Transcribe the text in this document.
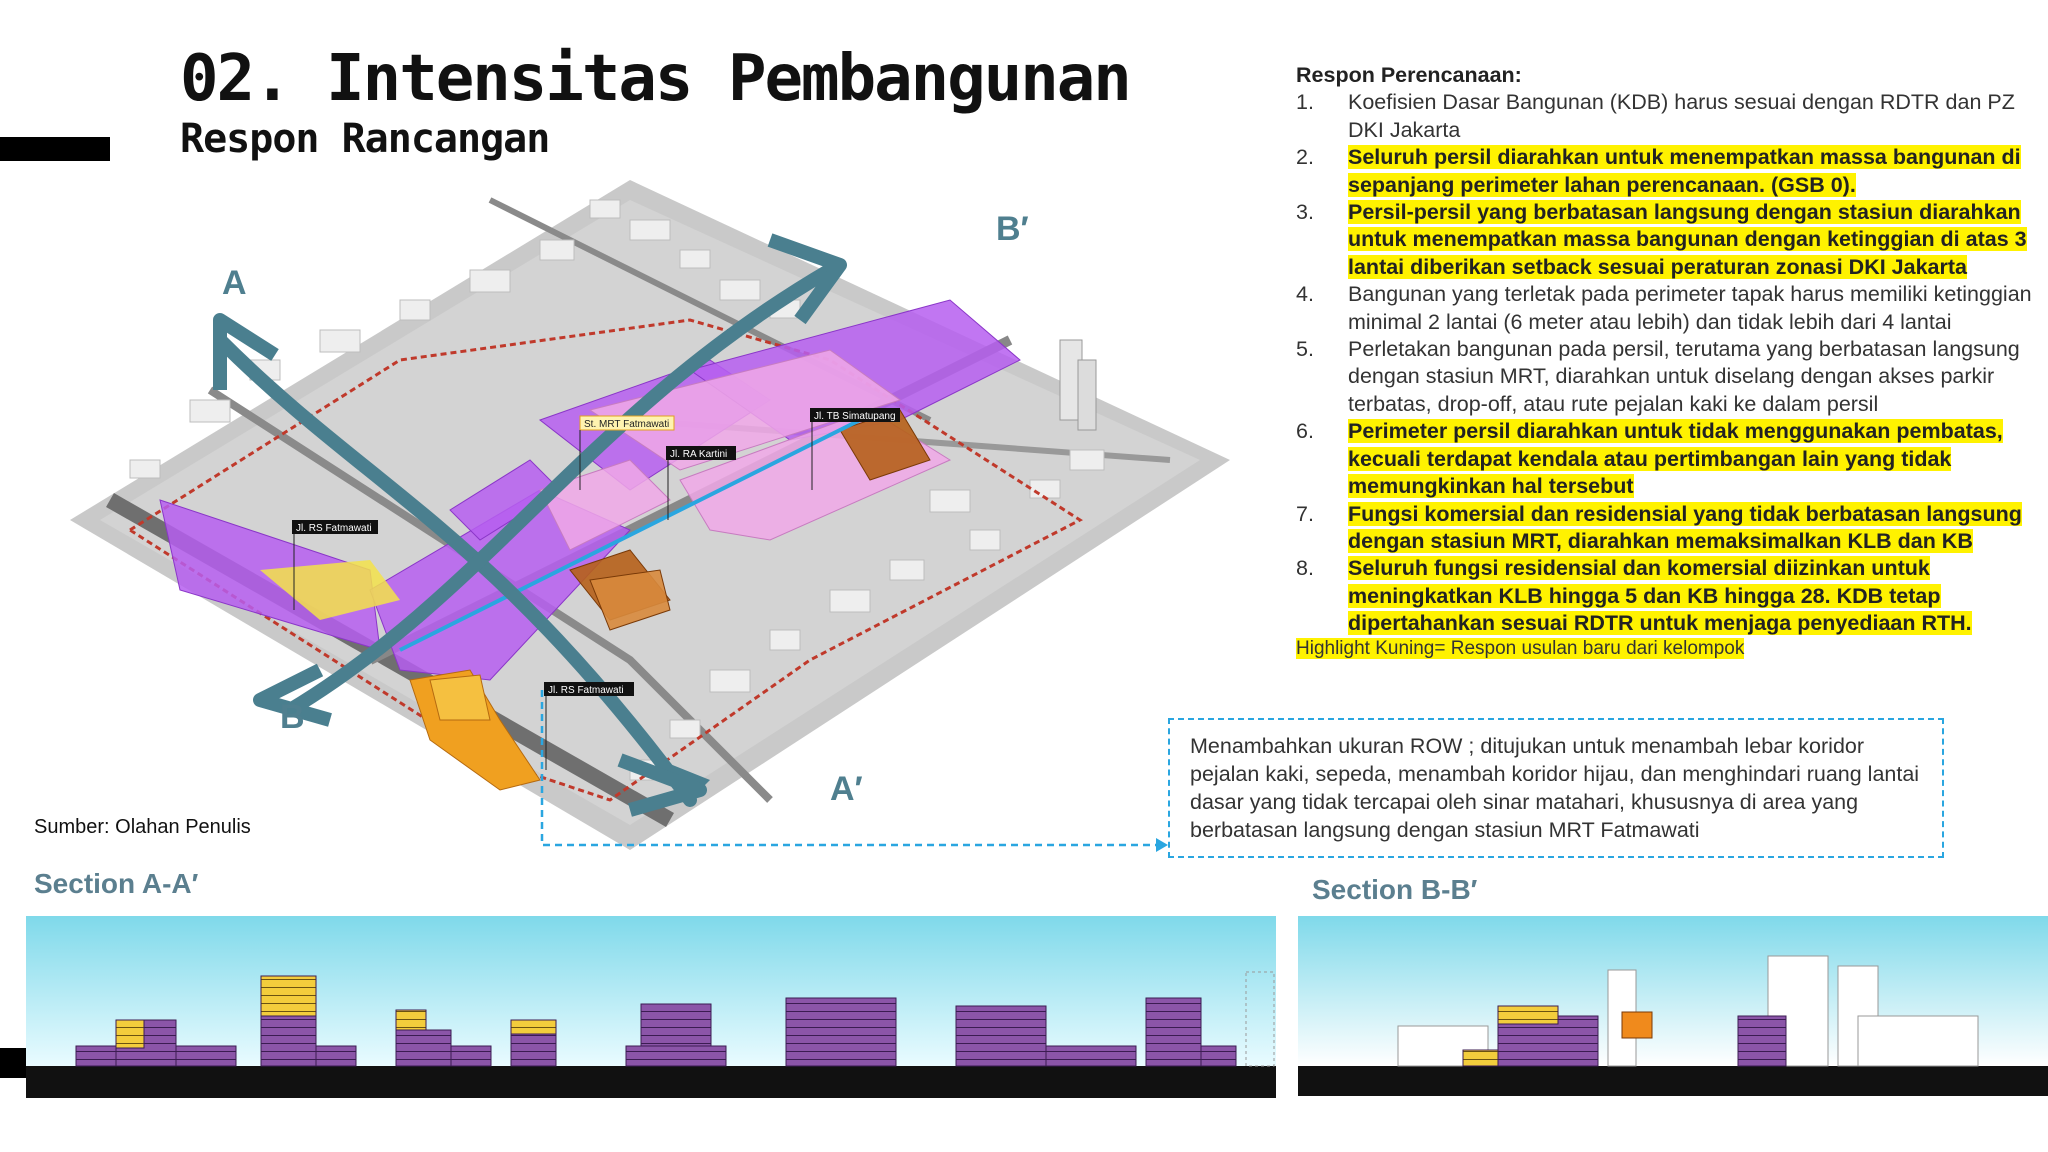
02. Intensitas Pembangunan
Respon Rancangan
A
A′
B
B′
St. MRT Fatmawati
Jl. TB Simatupang
Jl. RA Kartini
Jl. RS Fatmawati
Jl. RS Fatmawati
Sumber: Olahan Penulis
Respon Perencanaan:
1.	Koefisien Dasar Bangunan (KDB) harus sesuai dengan RDTR dan PZ DKI Jakarta
2.	Seluruh persil diarahkan untuk menempatkan massa bangunan di sepanjang perimeter lahan perencanaan. (GSB 0).
3.	Persil-persil yang berbatasan langsung dengan stasiun diarahkan untuk menempatkan massa bangunan dengan ketinggian di atas 3 lantai diberikan setback sesuai peraturan zonasi DKI Jakarta
4.	Bangunan yang terletak pada perimeter tapak harus memiliki ketinggian minimal 2 lantai (6 meter atau lebih) dan tidak lebih dari 4 lantai
5.	Perletakan bangunan pada persil, terutama yang berbatasan langsung dengan stasiun MRT, diarahkan untuk diselang dengan akses parkir terbatas, drop-off, atau rute pejalan kaki ke dalam persil
6.	Perimeter persil diarahkan untuk tidak menggunakan pembatas, kecuali terdapat kendala atau pertimbangan lain yang tidak memungkinkan hal tersebut
7.	Fungsi komersial dan residensial yang tidak berbatasan langsung dengan stasiun MRT, diarahkan memaksimalkan KLB dan KB
8.	Seluruh fungsi residensial dan komersial diizinkan untuk meningkatkan KLB hingga 5 dan KB hingga 28. KDB tetap dipertahankan sesuai RDTR untuk menjaga penyediaan RTH.
Highlight Kuning= Respon usulan baru dari kelompok
Menambahkan ukuran ROW ; ditujukan untuk menambah lebar koridor pejalan kaki, sepeda, menambah koridor hijau, dan menghindari ruang lantai dasar yang tidak tercapai oleh sinar matahari, khususnya di area yang berbatasan langsung dengan stasiun MRT Fatmawati
Section A-A′	Section B-B′
